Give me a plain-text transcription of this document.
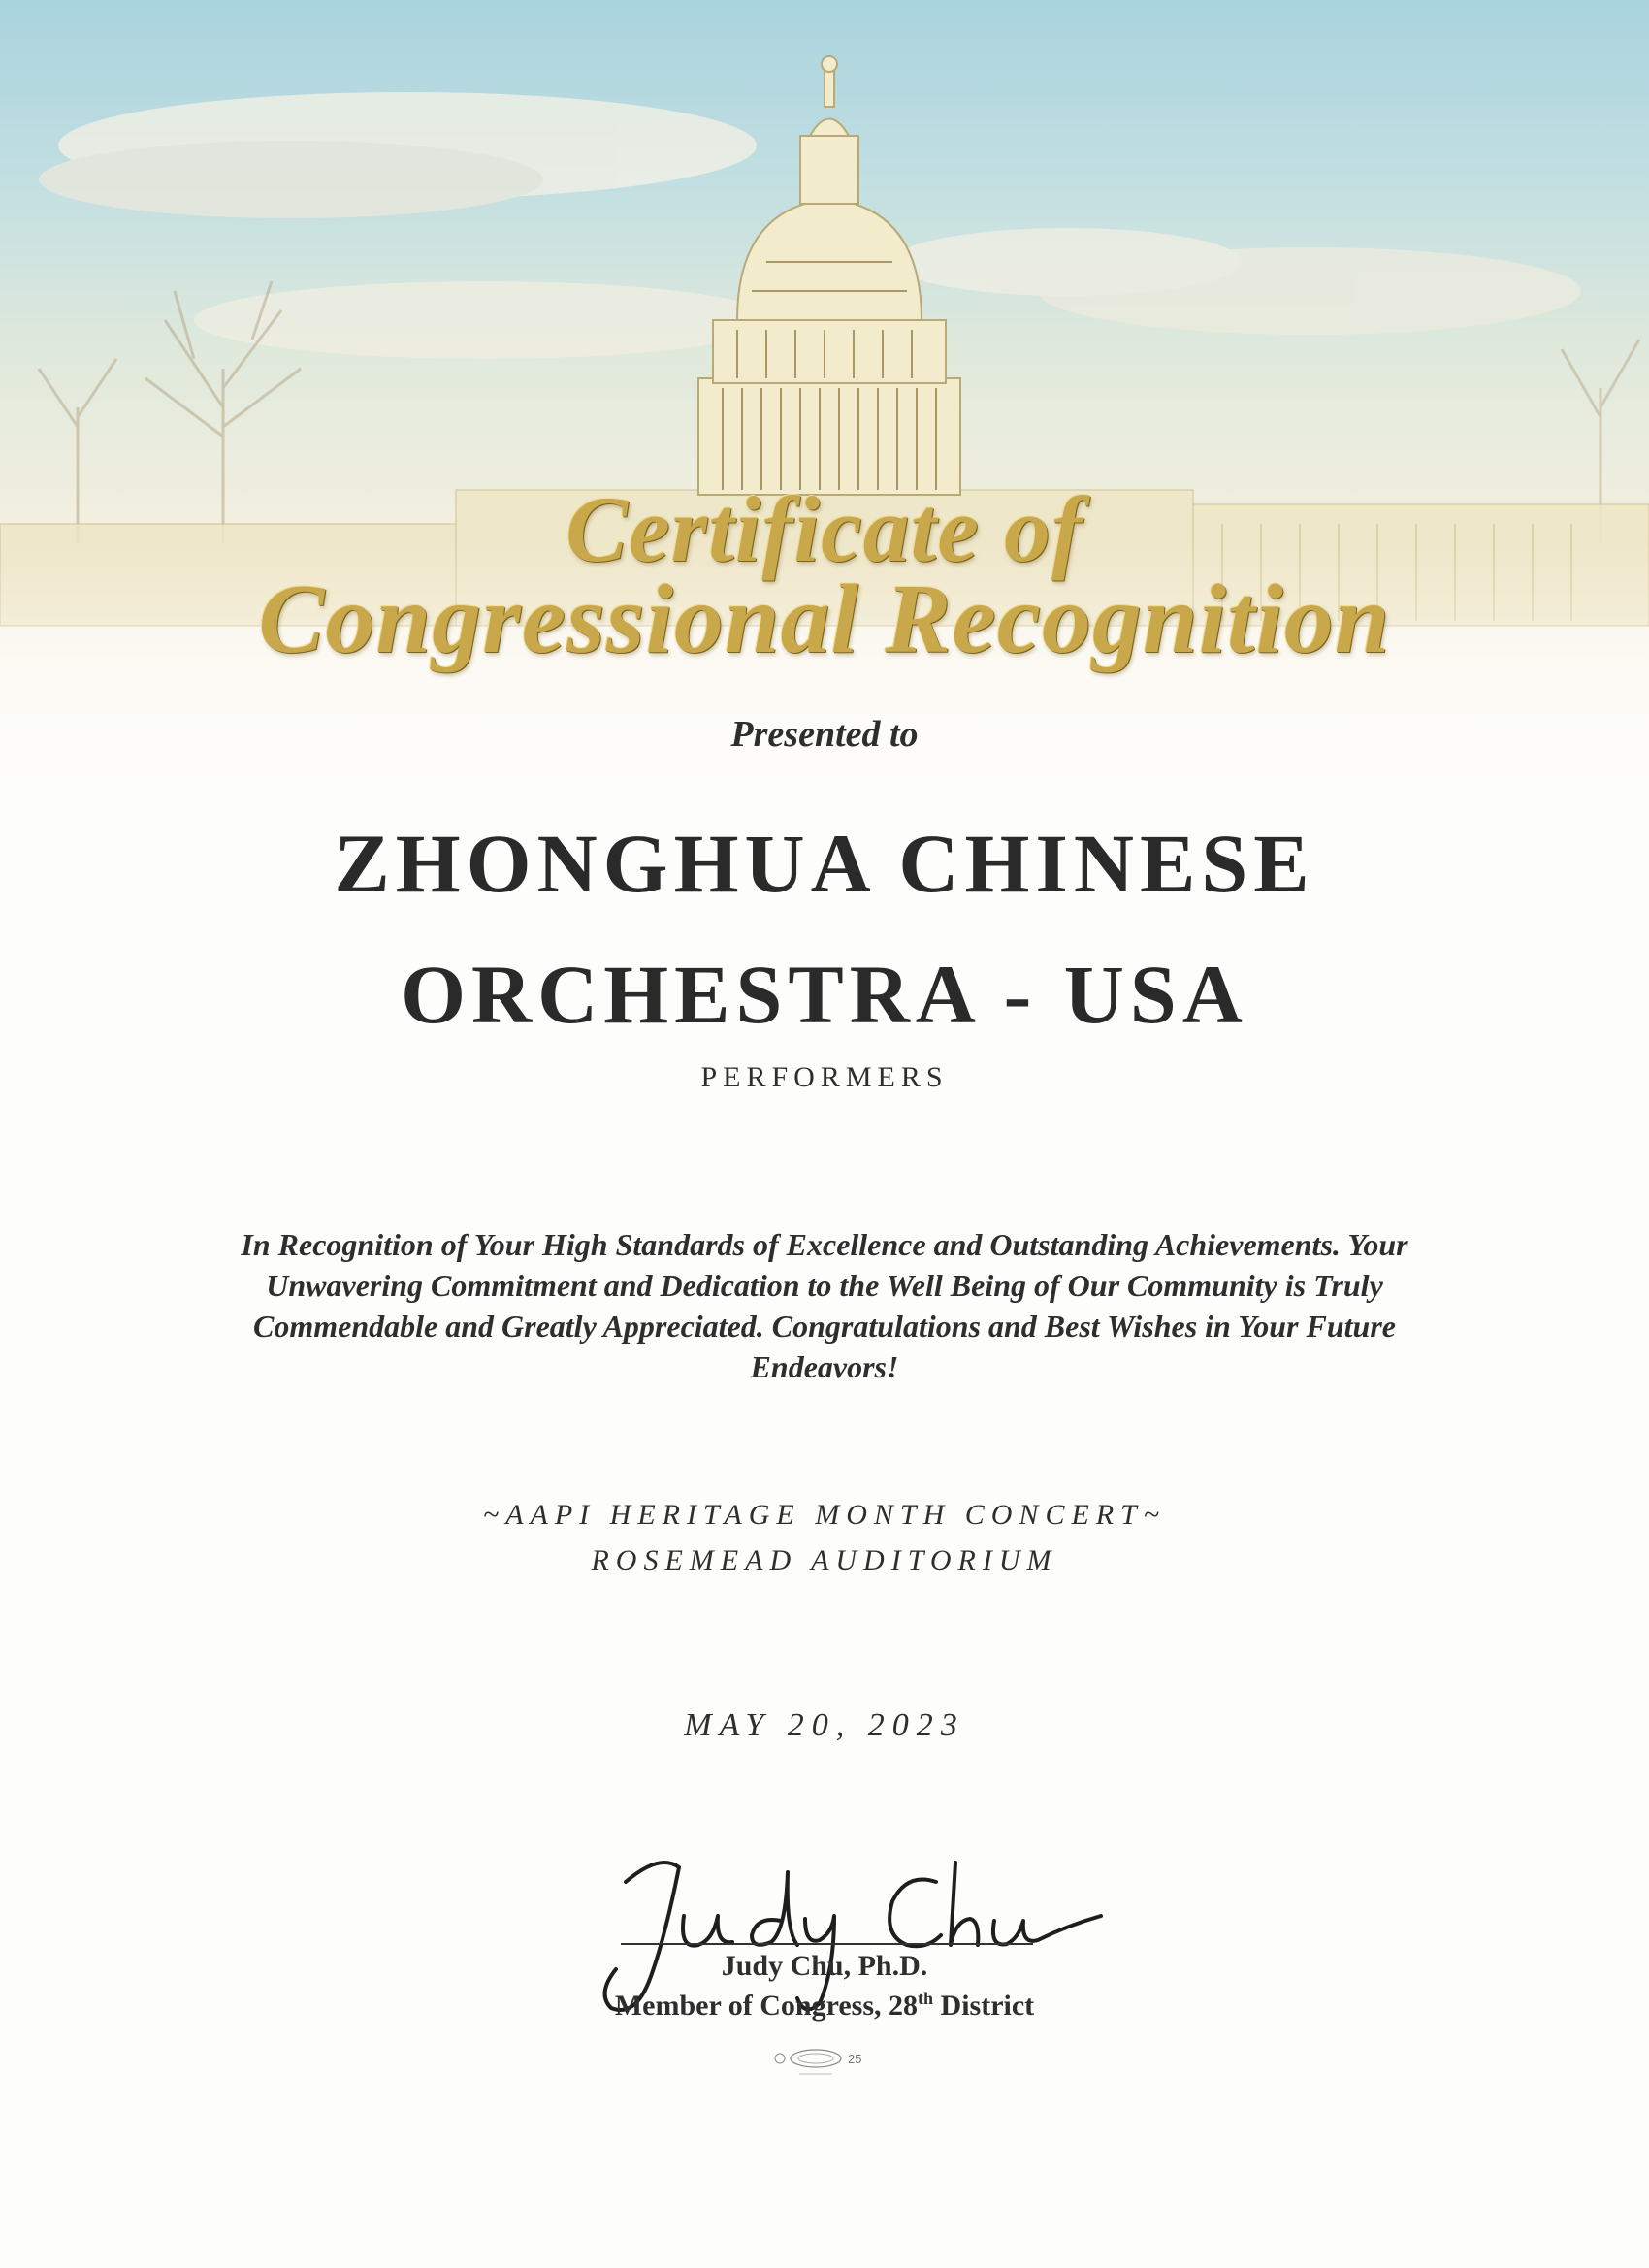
Certificate of
Congressional Recognition
Presented to
ZHONGHUA CHINESE
ORCHESTRA - USA
PERFORMERS
In Recognition of Your High Standards of Excellence and Outstanding Achievements. Your Unwavering Commitment and Dedication to the Well Being of Our Community is Truly Commendable and Greatly Appreciated. Congratulations and Best Wishes in Your Future Endeavors!
~AAPI HERITAGE MONTH CONCERT~
ROSEMEAD AUDITORIUM
MAY 20, 2023
Judy Chu, Ph.D.
Member of Congress, 28th District
25
